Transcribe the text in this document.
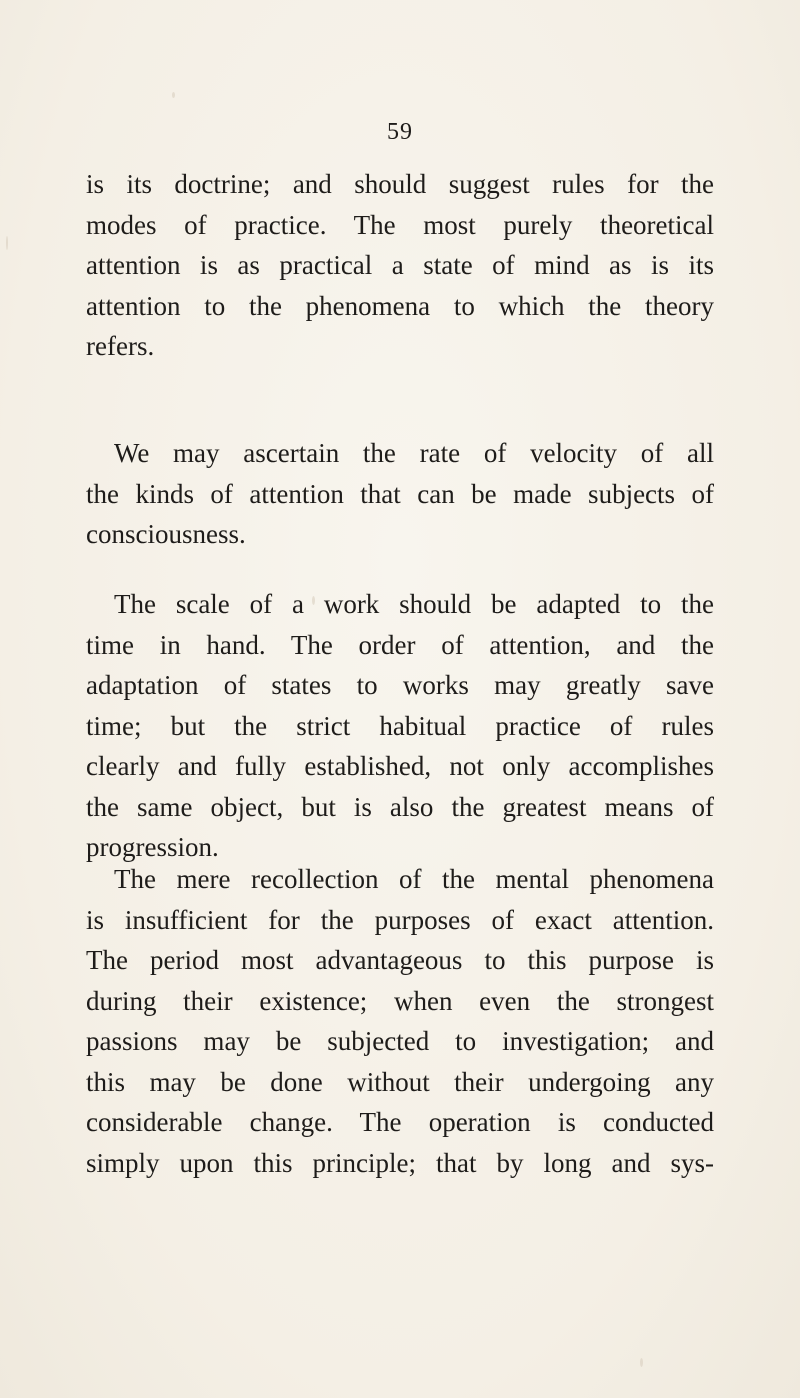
59
is its doctrine; and should suggest rules for the
modes of practice. The most purely theoretical
attention is as practical a state of mind as is its
attention to the phenomena to which the theory
refers.
We may ascertain the rate of velocity of all
the kinds of attention that can be made subjects of
consciousness.
The scale of a work should be adapted to the
time in hand. The order of attention, and the
adaptation of states to works may greatly save
time; but the strict habitual practice of rules
clearly and fully established, not only accomplishes
the same object, but is also the greatest means of
progression.
The mere recollection of the mental phenomena
is insufficient for the purposes of exact attention.
The period most advantageous to this purpose is
during their existence; when even the strongest
passions may be subjected to investigation; and
this may be done without their undergoing any
considerable change. The operation is conducted
simply upon this principle; that by long and sys-
